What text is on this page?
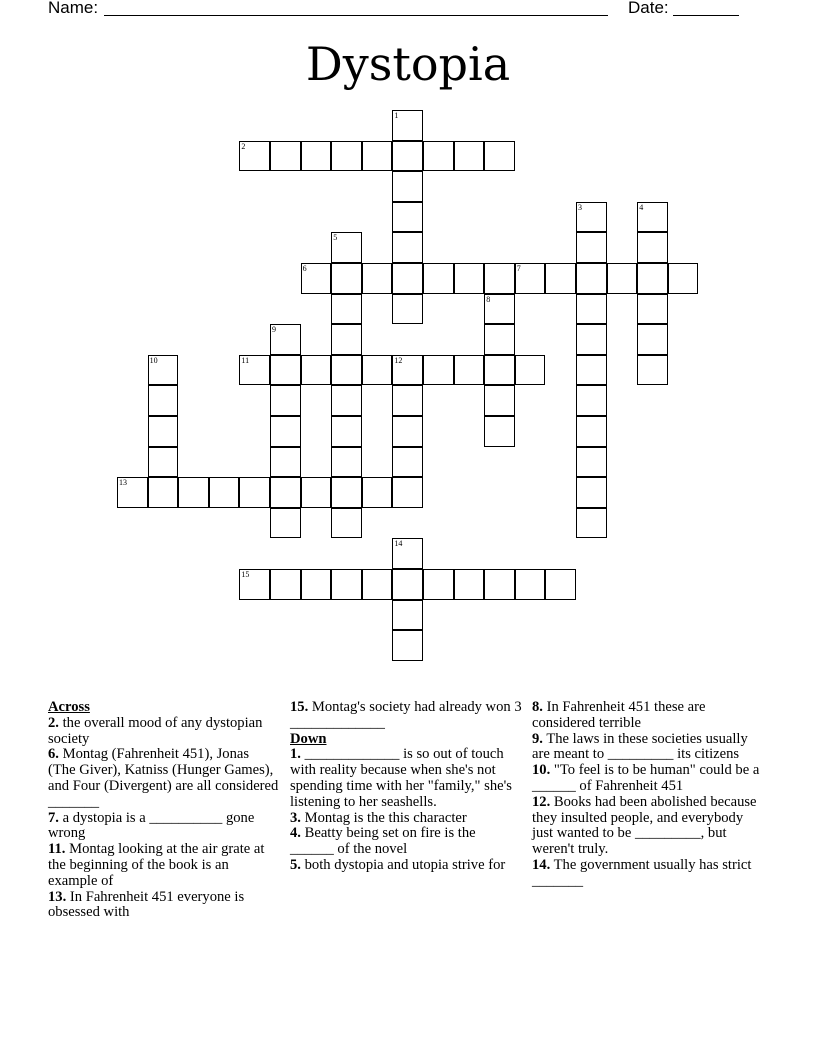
Name:	Date:
Dystopia
2
6	7
11	12
13
15
1
3	4
5
8
9
10
14
Across
2. the overall mood of any dystopian society
6. Montag (Fahrenheit 451), Jonas (The Giver), Katniss (Hunger Games), and Four (Divergent) are all considered _______
7. a dystopia is a __________ gone wrong
11. Montag looking at the air grate at the beginning of the book is an example of
13. In Fahrenheit 451 everyone is obsessed with
15. Montag's society had already won 3 _____________
Down
1. _____________ is so out of touch with reality because when she's not spending time with her "family," she's listening to her seashells.
3. Montag is the this character
4. Beatty being set on fire is the ______ of the novel
5. both dystopia and utopia strive for
8. In Fahrenheit 451 these are considered terrible
9. The laws in these societies usually are meant to _________ its citizens
10. "To feel is to be human" could be a ______ of Fahrenheit 451
12. Books had been abolished because they insulted people, and everybody just wanted to be _________, but weren't truly.
14. The government usually has strict _______
